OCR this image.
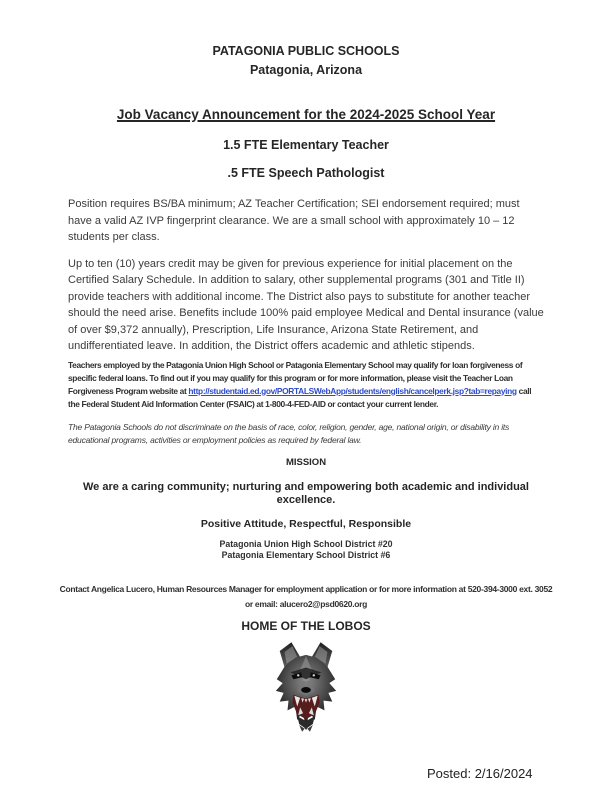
PATAGONIA PUBLIC SCHOOLS
Patagonia, Arizona
Job Vacancy Announcement for the 2024-2025 School Year
1.5 FTE Elementary Teacher
.5 FTE Speech Pathologist

Position requires BS/BA minimum; AZ Teacher Certification; SEI endorsement required; must have a valid AZ IVP fingerprint clearance. We are a small school with approximately 10 – 12 students per class.

Up to ten (10) years credit may be given for previous experience for initial placement on the Certified Salary Schedule. In addition to salary, other supplemental programs (301 and Title II) provide teachers with additional income. The District also pays to substitute for another teacher should the need arise. Benefits include 100% paid employee Medical and Dental insurance (value of over $9,372 annually), Prescription, Life Insurance, Arizona State Retirement, and undifferentiated leave. In addition, the District offers academic and athletic stipends.

Teachers employed by the Patagonia Union High School or Patagonia Elementary School may qualify for loan forgiveness of specific federal loans. To find out if you may qualify for this program or for more information, please visit the Teacher Loan Forgiveness Program website at http://studentaid.ed.gov/PORTALSWebApp/students/english/cancelperk.jsp?tab=repaying call the Federal Student Aid Information Center (FSAIC) at 1-800-4-FED-AID or contact your current lender.

The Patagonia Schools do not discriminate on the basis of race, color, religion, gender, age, national origin, or disability in its educational programs, activities or employment policies as required by federal law.

MISSION
We are a caring community; nurturing and empowering both academic and individual excellence.
Positive Attitude, Respectful, Responsible
Patagonia Union High School District #20
Patagonia Elementary School District #6
Contact Angelica Lucero, Human Resources Manager for employment application or for more information at 520-394-3000 ext. 3052 or email: alucero2@psd0620.org
HOME OF THE LOBOS
Posted: 2/16/2024
